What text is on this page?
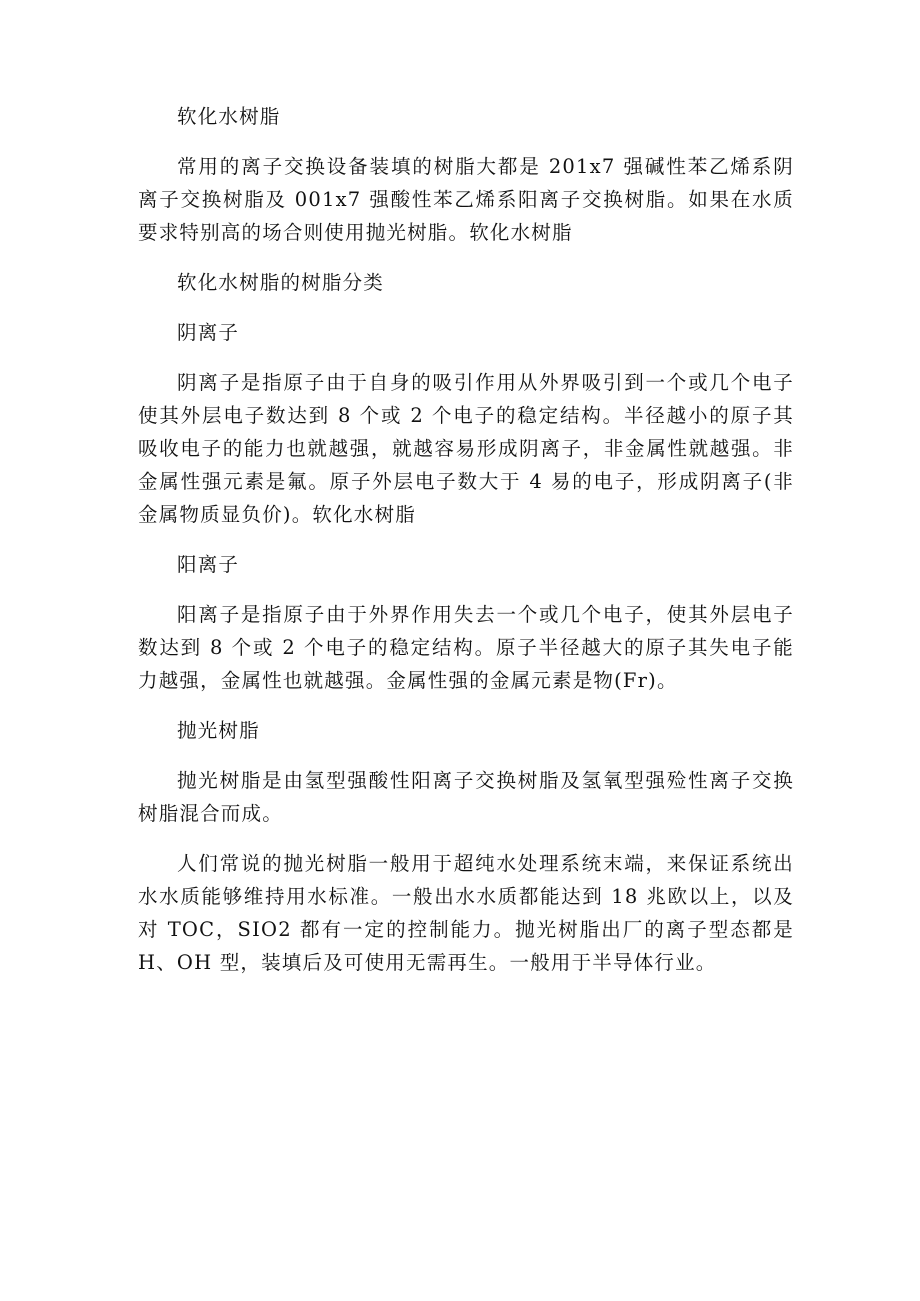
软化水树脂

常用的离子交换设备装填的树脂大都是 201x7 强碱性苯乙烯系阴离子交换树脂及 001x7 强酸性苯乙烯系阳离子交换树脂。如果在水质要求特别高的场合则使用抛光树脂。软化水树脂

软化水树脂的树脂分类

阴离子

阴离子是指原子由于自身的吸引作用从外界吸引到一个或几个电子使其外层电子数达到 8 个或 2 个电子的稳定结构。半径越小的原子其吸收电子的能力也就越强，就越容易形成阴离子，非金属性就越强。非金属性强元素是氟。原子外层电子数大于 4 易的电子，形成阴离子(非金属物质显负价)。软化水树脂

阳离子

阳离子是指原子由于外界作用失去一个或几个电子，使其外层电子数达到 8 个或 2 个电子的稳定结构。原子半径越大的原子其失电子能力越强，金属性也就越强。金属性强的金属元素是物(Fr)。

抛光树脂

抛光树脂是由氢型强酸性阳离子交换树脂及氢氧型强殓性离子交换树脂混合而成。

人们常说的抛光树脂一般用于超纯水处理系统末端，来保证系统出水水质能够维持用水标准。一般出水水质都能达到 18 兆欧以上，以及对 TOC，SIO2 都有一定的控制能力。抛光树脂出厂的离子型态都是 H、OH 型，装填后及可使用无需再生。一般用于半导体行业。
